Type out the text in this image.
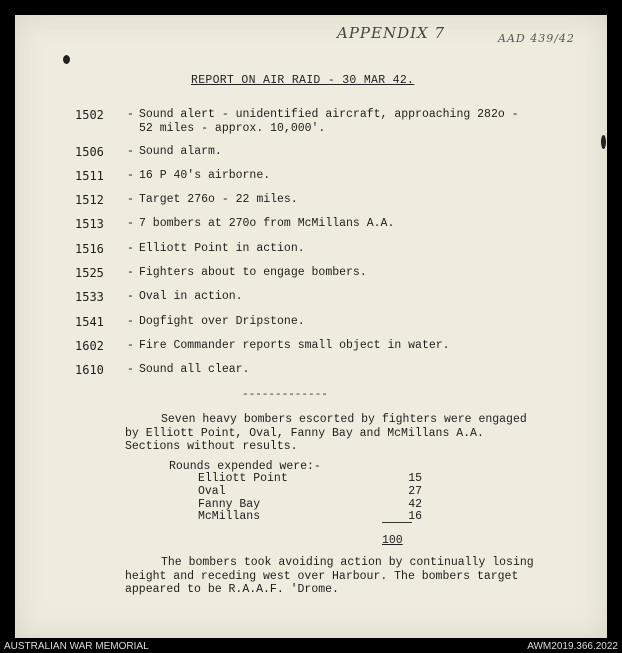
APPENDIX 7	AAD 439/42
REPORT ON AIR RAID - 30 MAR 42.
1502	- Sound alert - unidentified aircraft, approaching 282o -
52 miles - approx. 10,000'.
1506	- Sound alarm.
1511	- 16 P 40's airborne.
1512	- Target 276o - 22 miles.
1513	- 7 bombers at 270o from McMillans A.A.
1516	- Elliott Point in action.
1525	- Fighters about to engage bombers.
1533	- Oval in action.
1541	- Dogfight over Dripstone.
1602	- Fire Commander reports small object in water.
1610	- Sound all clear.
-------------
Seven heavy bombers escorted by fighters were engaged
by Elliott Point, Oval, Fanny Bay and McMillans A.A.
Sections without results.
Rounds expended were:-
Elliott Point	15
Oval	27
Fanny Bay	42
McMillans	16
100
The bombers took avoiding action by continually losing
height and receding west over Harbour. The bombers target
appeared to be R.A.A.F. 'Drome.
AUSTRALIAN WAR MEMORIAL	AWM2019.366.2022
